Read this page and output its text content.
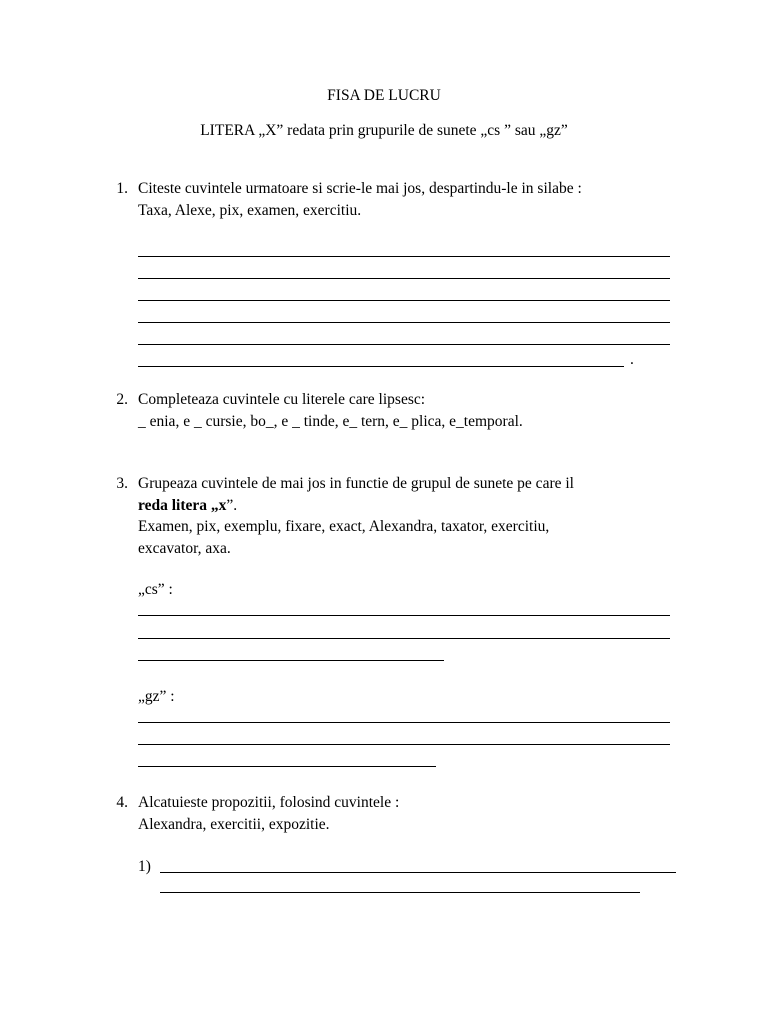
FISA DE LUCRU
LITERA „X” redata prin grupurile de sunete „cs ” sau „gz”
1. Citeste cuvintele urmatoare si scrie-le mai jos, despartindu-le in silabe :
Taxa, Alexe, pix, examen, exercitiu.
.
2. Completeaza cuvintele cu literele care lipsesc:
_ enia, e _ cursie, bo_, e _ tinde, e_ tern, e_ plica, e_temporal.
3. Grupeaza cuvintele de mai jos in functie de grupul de sunete pe care il
reda litera „x”.
Examen, pix, exemplu, fixare, exact, Alexandra, taxator, exercitiu,
excavator, axa.
„cs” :
„gz” :
4. Alcatuieste propozitii, folosind cuvintele :
Alexandra, exercitii, expozitie.
1)
